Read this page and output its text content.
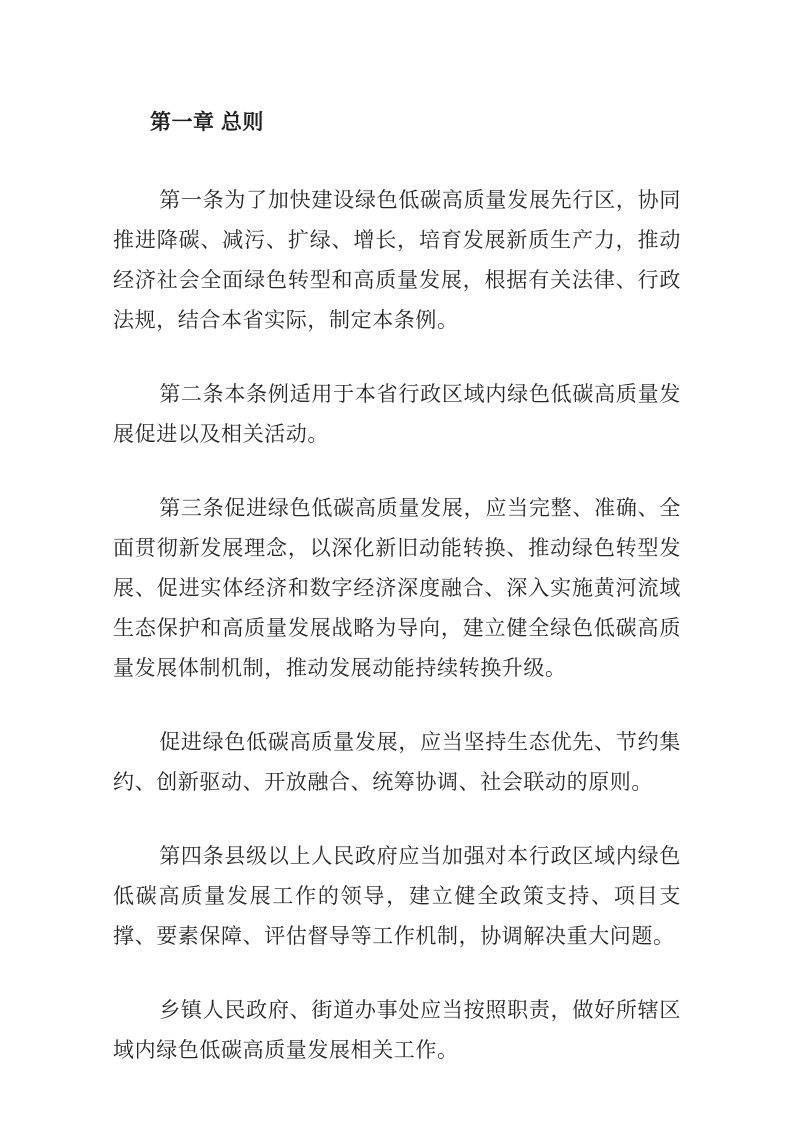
第一章 总则

第一条为了加快建设绿色低碳高质量发展先行区，协同推进降碳、减污、扩绿、增长，培育发展新质生产力，推动经济社会全面绿色转型和高质量发展，根据有关法律、行政法规，结合本省实际，制定本条例。

第二条本条例适用于本省行政区域内绿色低碳高质量发展促进以及相关活动。

第三条促进绿色低碳高质量发展，应当完整、准确、全面贯彻新发展理念，以深化新旧动能转换、推动绿色转型发展、促进实体经济和数字经济深度融合、深入实施黄河流域生态保护和高质量发展战略为导向，建立健全绿色低碳高质量发展体制机制，推动发展动能持续转换升级。

促进绿色低碳高质量发展，应当坚持生态优先、节约集约、创新驱动、开放融合、统筹协调、社会联动的原则。

第四条县级以上人民政府应当加强对本行政区域内绿色低碳高质量发展工作的领导，建立健全政策支持、项目支撑、要素保障、评估督导等工作机制，协调解决重大问题。

乡镇人民政府、街道办事处应当按照职责，做好所辖区域内绿色低碳高质量发展相关工作。
